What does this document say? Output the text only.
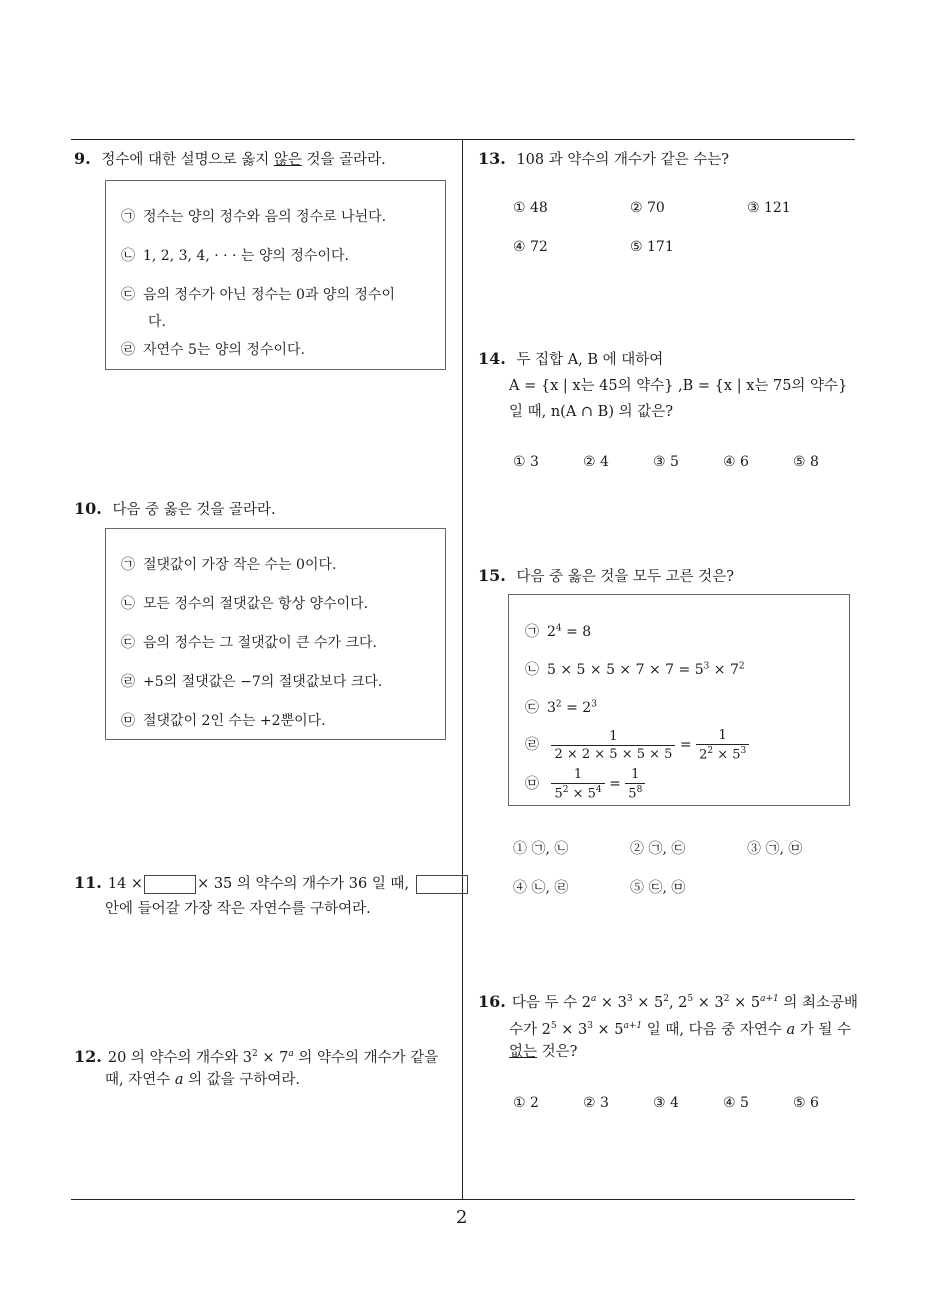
2
9. 정수에 대한 설명으로 옳지 않은 것을 골라라.
㉠ 정수는 양의 정수와 음의 정수로 나뉜다.
㉡ 1, 2, 3, 4, · · · 는 양의 정수이다.
㉢ 음의 정수가 아닌 정수는 0과 양의 정수이
다.
㉣ 자연수 5는 양의 정수이다.
10. 다음 중 옳은 것을 골라라.
㉠ 절댓값이 가장 작은 수는 0이다.
㉡ 모든 정수의 절댓값은 항상 양수이다.
㉢ 음의 정수는 그 절댓값이 큰 수가 크다.
㉣ +5의 절댓값은 −7의 절댓값보다 크다.
㉤ 절댓값이 2인 수는 +2뿐이다.
11. 14 ×	× 35 의 약수의 개수가 36 일 때,
안에 들어갈 가장 작은 자연수를 구하여라.
12. 20 의 약수의 개수와 $3^2 \times 7^a$ 의 약수의 개수가 같을
때, 자연수 a 의 값을 구하여라.
13. 108 과 약수의 개수가 같은 수는?
① 48	② 70	③ 121
④ 72	⑤ 171
14. 두 집합 A, B 에 대하여
A = {x | x는 45의 약수} ,B = {x | x는 75의 약수}
일 때, n(A ∩ B) 의 값은?
① 3	② 4	③ 5	④ 6	⑤ 8
15. 다음 중 옳은 것을 모두 고른 것은?
㉠ $2^4 = 8$
㉡ $5 \times 5 \times 5 \times 7 \times 7 = 5^3 \times 7^2$
㉢ $3^2 = 2^3$
㉣ $\frac{1}{2 \times 2 \times 5 \times 5 \times 5} = \frac{1}{2^2 \times 5^3}$
㉤ $\frac{1}{5^2 \times 5^4} = \frac{1}{5^8}$
① ㉠, ㉡	② ㉠, ㉢	③ ㉠, ㉤
④ ㉡, ㉣	⑤ ㉢, ㉤
16. 다음 두 수 $2^a \times 3^3 \times 5^2$, $2^5 \times 3^2 \times 5^{a+1}$ 의 최소공배
수가 $2^5 \times 3^3 \times 5^{a+1}$ 일 때, 다음 중 자연수 a 가 될 수
없는 것은?
① 2	② 3	③ 4	④ 5	⑤ 6
